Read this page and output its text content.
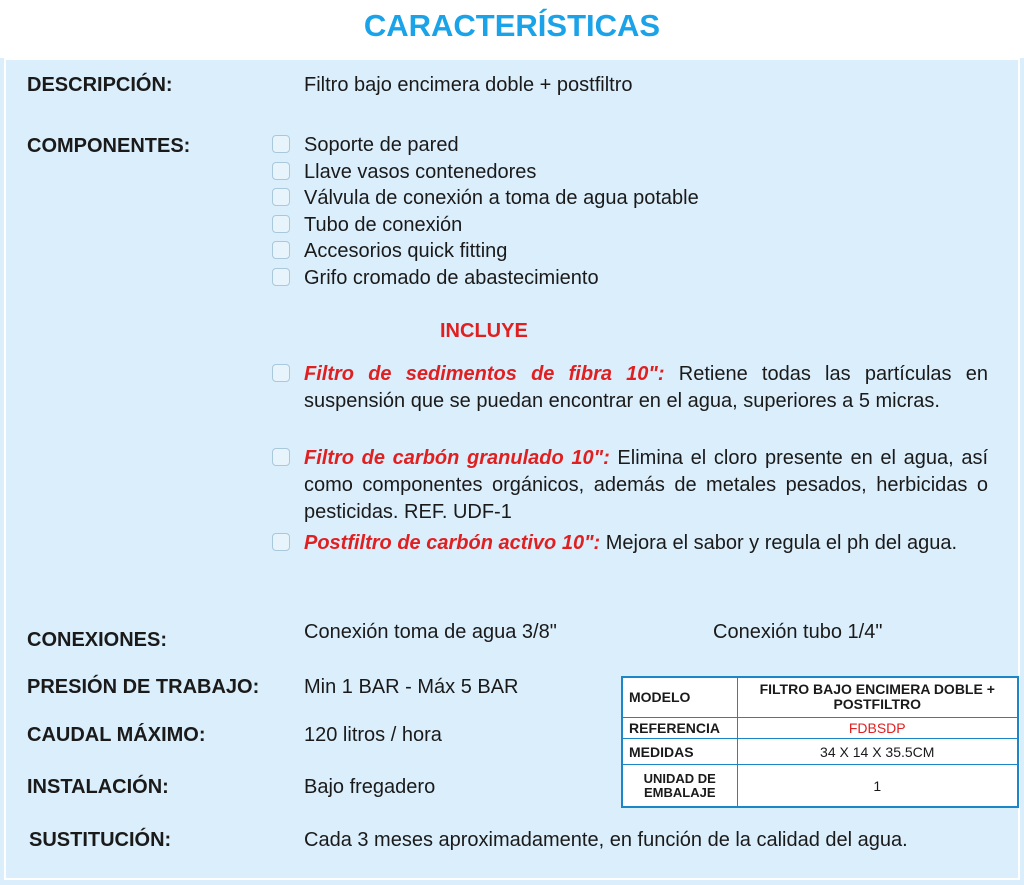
CARACTERÍSTICAS
DESCRIPCIÓN:	Filtro bajo encimera doble + postfiltro
COMPONENTES:	Soporte de pared
Llave vasos contenedores
Válvula de conexión a toma de agua potable
Tubo de conexión
Accesorios quick fitting
Grifo cromado de abastecimiento
INCLUYE
Filtro de sedimentos de fibra 10": Retiene todas las partículas en suspensión que se puedan encontrar en el agua, superiores a 5 micras.
Filtro de carbón granulado 10": Elimina el cloro presente en el agua, así como componentes orgánicos, además de metales pesados, herbicidas o pesticidas. REF. UDF-1
Postfiltro de carbón activo 10": Mejora el sabor y regula el ph del agua.
CONEXIONES:	Conexión toma de agua 3/8"	Conexión tubo 1/4"
PRESIÓN DE TRABAJO: Min 1 BAR - Máx 5 BAR
CAUDAL MÁXIMO:	120 litros / hora
INSTALACIÓN:	Bajo fregadero
SUSTITUCIÓN:	Cada 3 meses aproximadamente, en función de la calidad del agua.
MODELO	FILTRO BAJO ENCIMERA DOBLE + POSTFILTRO
REFERENCIA	FDBSDP
MEDIDAS	34 X 14 X 35.5CM
UNIDAD DE EMBALAJE	1
